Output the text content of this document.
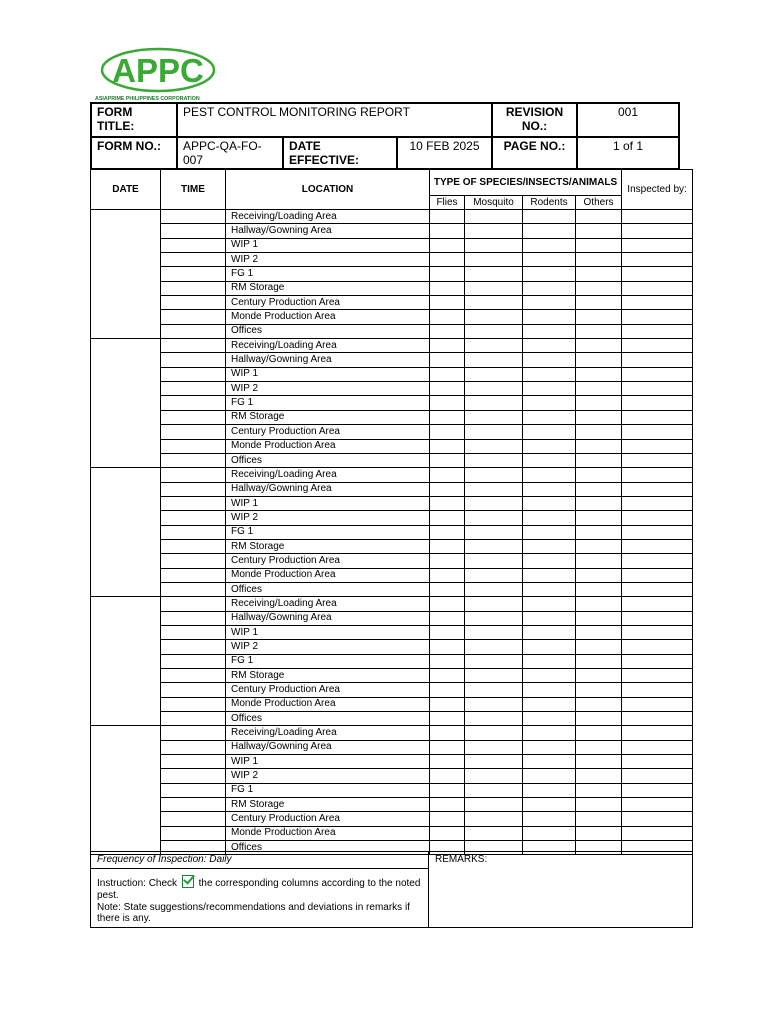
APPC
ASIAPRIME PHILIPPINES CORPORATION
FORM TITLE:	PEST CONTROL MONITORING REPORT			REVISION NO.:	001
FORM NO.:	APPC-QA-FO-007	DATE EFFECTIVE:	10 FEB 2025	PAGE NO.:	1 of 1
DATE	TIME	LOCATION	TYPE OF SPECIES/INSECTS/ANIMALS				Inspected by:
			Flies	Mosquito	Rodents	Others	
		Receiving/Loading Area					
		Hallway/Gowning Area					
		WIP 1					
		WIP 2					
		FG 1					
		RM Storage					
		Century Production Area					
		Monde Production Area					
		Offices					
		Receiving/Loading Area					
		Hallway/Gowning Area					
		WIP 1					
		WIP 2					
		FG 1					
		RM Storage					
		Century Production Area					
		Monde Production Area					
		Offices					
		Receiving/Loading Area					
		Hallway/Gowning Area					
		WIP 1					
		WIP 2					
		FG 1					
		RM Storage					
		Century Production Area					
		Monde Production Area					
		Offices					
		Receiving/Loading Area					
		Hallway/Gowning Area					
		WIP 1					
		WIP 2					
		FG 1					
		RM Storage					
		Century Production Area					
		Monde Production Area					
		Offices					
		Receiving/Loading Area					
		Hallway/Gowning Area					
		WIP 1					
		WIP 2					
		FG 1					
		RM Storage					
		Century Production Area					
		Monde Production Area					
		Offices					
Frequency of Inspection: Daily	REMARKS:

Instruction: Check the corresponding columns according to the noted pest.
Note: State suggestions/recommendations and deviations in remarks if there is any.
